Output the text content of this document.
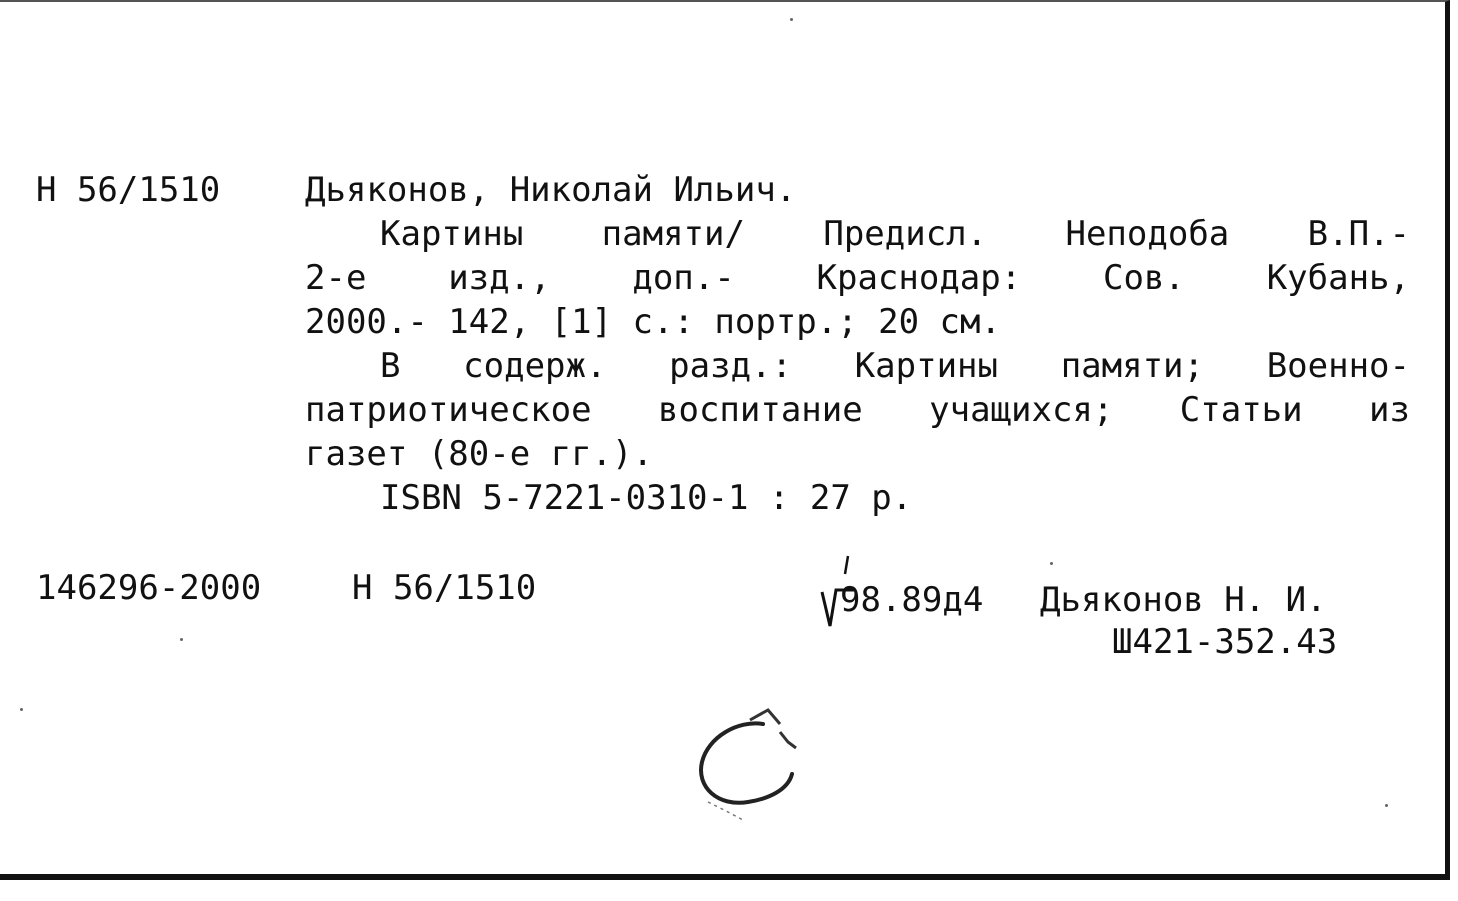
Н 56/1510 Дьяконов, Николай Ильич.
Картины памяти/ Предисл. Неподоба В.П.-
2-е изд., доп.- Краснодар: Сов. Кубань,
2000.- 142, [1] с.: портр.; 20 см.
В содерж. разд.: Картины памяти; Военно-
патриотическое воспитание учащихся; Статьи из
газет (80-е гг.).
ISBN 5-7221-0310-1 : 27 р.
146296-2000	Н 56/1510	98.89д4 Дьяконов Н. И.
Ш421-352.43
